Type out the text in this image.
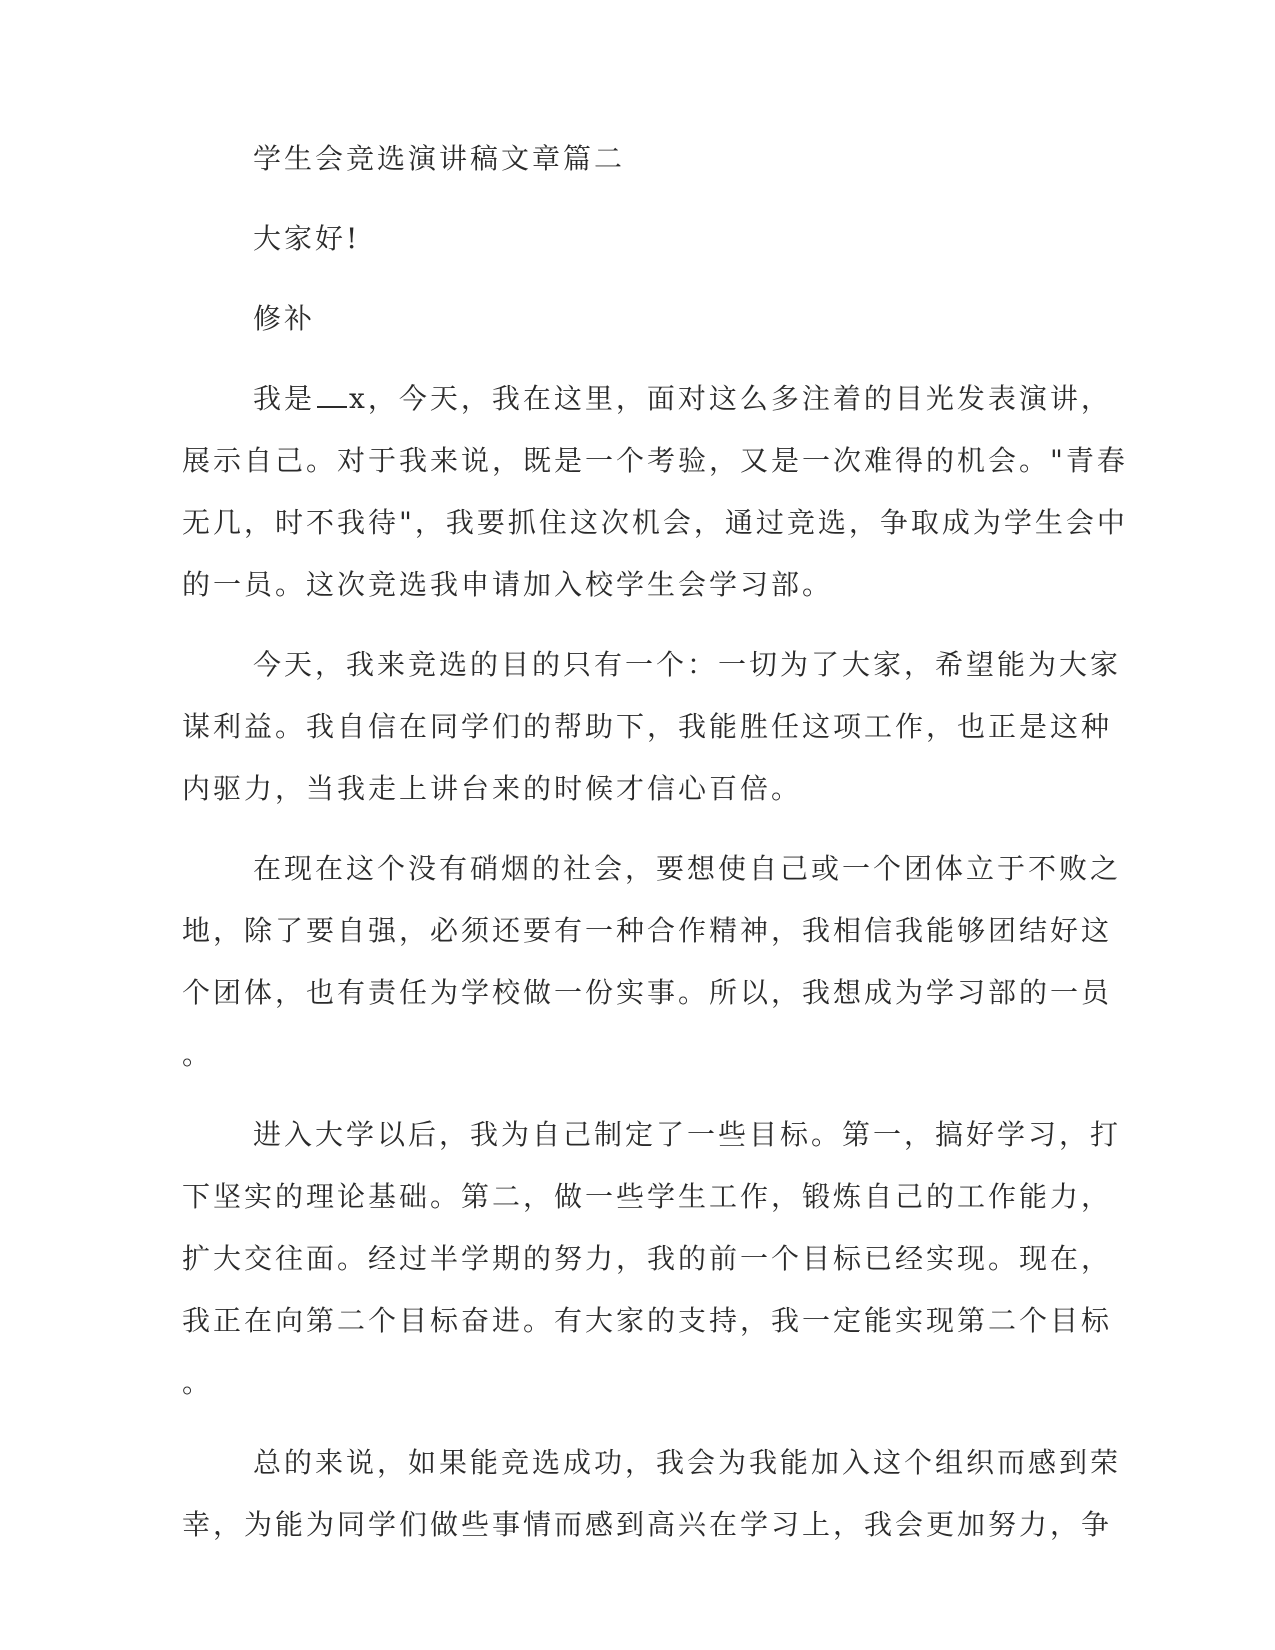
学生会竞选演讲稿文章篇二
大家好!
修补
我是 x，今天，我在这里，面对这么多注着的目光发表演讲，
展示自己。对于我来说，既是一个考验，又是一次难得的机会。"青春
无几，时不我待"，我要抓住这次机会，通过竞选，争取成为学生会中
的一员。这次竞选我申请加入校学生会学习部。
今天，我来竞选的目的只有一个：一切为了大家，希望能为大家
谋利益。我自信在同学们的帮助下，我能胜任这项工作，也正是这种
内驱力，当我走上讲台来的时候才信心百倍。
在现在这个没有硝烟的社会，要想使自己或一个团体立于不败之
地，除了要自强，必须还要有一种合作精神，我相信我能够团结好这
个团体，也有责任为学校做一份实事。所以，我想成为学习部的一员
。
进入大学以后，我为自己制定了一些目标。第一，搞好学习，打
下坚实的理论基础。第二，做一些学生工作，锻炼自己的工作能力，
扩大交往面。经过半学期的努力，我的前一个目标已经实现。现在，
我正在向第二个目标奋进。有大家的支持，我一定能实现第二个目标
。
总的来说，如果能竞选成功，我会为我能加入这个组织而感到荣
幸，为能为同学们做些事情而感到高兴在学习上，我会更加努力，争
